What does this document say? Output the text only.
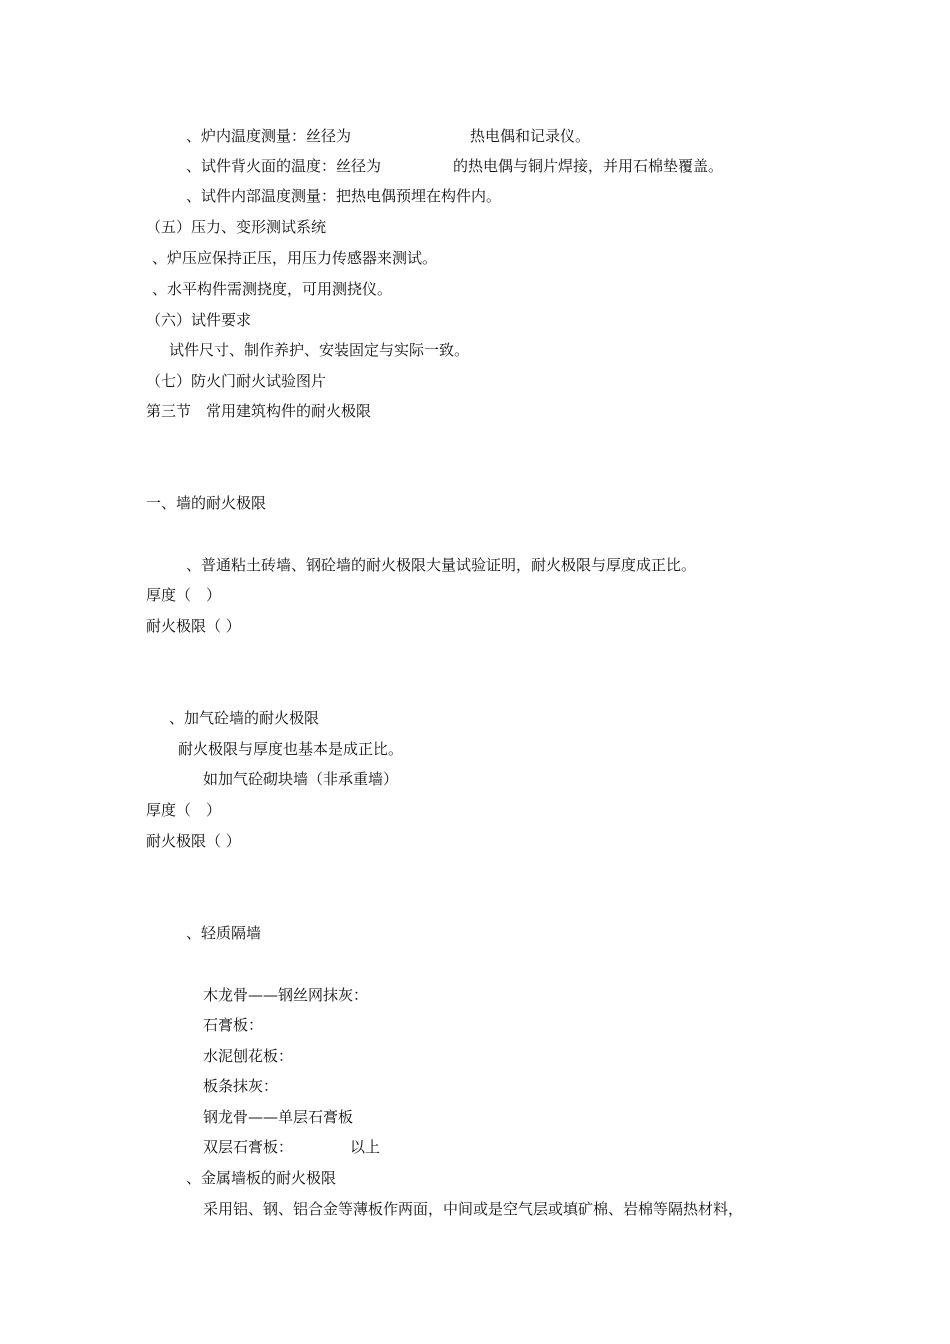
、炉内温度测量：丝径为	热电偶和记录仪。
、试件背火面的温度：丝径为	的热电偶与铜片焊接，并用石棉垫覆盖。
、试件内部温度测量：把热电偶预埋在构件内。
（五）压力、变形测试系统
、炉压应保持正压，用压力传感器来测试。
、水平构件需测挠度，可用测挠仪。
（六）试件要求
试件尺寸、制作养护、安装固定与实际一致。
（七）防火门耐火试验图片
第三节　常用建筑构件的耐火极限
一、墙的耐火极限
、普通粘土砖墙、钢砼墙的耐火极限大量试验证明，耐火极限与厚度成正比。
厚度（　）
耐火极限（ ）
、加气砼墙的耐火极限
耐火极限与厚度也基本是成正比。
如加气砼砌块墙（非承重墙）
厚度（　）
耐火极限（ ）
、轻质隔墙
木龙骨——钢丝网抹灰：
石膏板：
水泥刨花板：
板条抹灰：
钢龙骨——单层石膏板
双层石膏板：	以上
、金属墙板的耐火极限
采用铝、钢、铝合金等薄板作两面，中间或是空气层或填矿棉、岩棉等隔热材料，
